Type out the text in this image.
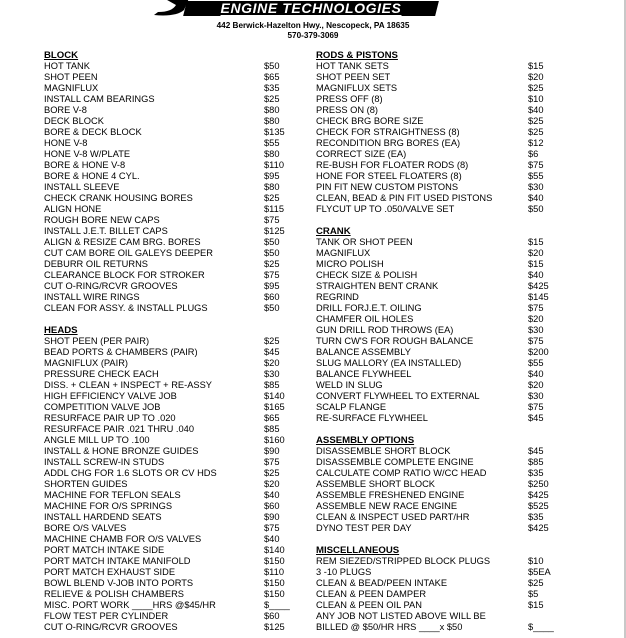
ENGINE TECHNOLOGIES
442 Berwick-Hazelton Hwy., Nescopeck, PA 18635
570-379-3069
BLOCK
HOT TANK	$50
SHOT PEEN	$65
MAGNIFLUX	$35
INSTALL CAM BEARINGS	$25
BORE V-8	$80
DECK BLOCK	$80
BORE & DECK BLOCK	$135
HONE V-8	$55
HONE V-8 W/PLATE	$80
BORE & HONE V-8	$110
BORE & HONE 4 CYL.	$95
INSTALL SLEEVE	$80
CHECK CRANK HOUSING BORES	$25
ALIGN HONE	$115
ROUGH BORE NEW CAPS	$75
INSTALL J.E.T. BILLET CAPS	$125
ALIGN & RESIZE CAM BRG. BORES	$50
CUT CAM BORE OIL GALEYS DEEPER	$50
DEBURR OIL RETURNS	$25
CLEARANCE BLOCK FOR STROKER	$75
CUT O-RING/RCVR GROOVES	$95
INSTALL WIRE RINGS	$60
CLEAN FOR ASSY. & INSTALL PLUGS	$50
HEADS
SHOT PEEN (PER PAIR)	$25
BEAD PORTS & CHAMBERS (PAIR)	$45
MAGNIFLUX (PAIR)	$20
PRESSURE CHECK EACH	$30
DISS. + CLEAN + INSPECT + RE-ASSY	$85
HIGH EFFICIENCY VALVE JOB	$140
COMPETITION VALVE JOB	$165
RESURFACE PAIR UP TO .020	$65
RESURFACE PAIR .021 THRU .040	$85
ANGLE MILL UP TO .100	$160
INSTALL & HONE BRONZE GUIDES	$90
INSTALL SCREW-IN STUDS	$75
ADDL CHG FOR 1.6 SLOTS OR CV HDS	$25
SHORTEN GUIDES	$20
MACHINE FOR TEFLON SEALS	$40
MACHINE FOR O/S SPRINGS	$60
INSTALL HARDEND SEATS	$90
BORE O/S VALVES	$75
MACHINE CHAMB FOR O/S VALVES	$40
PORT MATCH INTAKE SIDE	$140
PORT MATCH INTAKE MANIFOLD	$150
PORT MATCH EXHAUST SIDE	$110
BOWL BLEND V-JOB INTO PORTS	$150
RELIEVE & POLISH CHAMBERS	$150
MISC. PORT WORK ____HRS @$45/HR	$____
FLOW TEST PER CYLINDER	$60
CUT O-RING/RCVR GROOVES	$125
RODS & PISTONS
HOT TANK SETS	$15
SHOT PEEN SET	$20
MAGNIFLUX SETS	$25
PRESS OFF (8)	$10
PRESS ON (8)	$40
CHECK BRG BORE SIZE	$25
CHECK FOR STRAIGHTNESS (8)	$25
RECONDITION BRG BORES (EA)	$12
CORRECT SIZE (EA)	$6
RE-BUSH FOR FLOATER RODS (8)	$75
HONE FOR STEEL FLOATERS (8)	$55
PIN FIT NEW CUSTOM PISTONS	$30
CLEAN, BEAD & PIN FIT USED PISTONS	$40
FLYCUT UP TO .050/VALVE SET	$50
CRANK
TANK OR SHOT PEEN	$15
MAGNIFLUX	$20
MICRO POLISH	$15
CHECK SIZE & POLISH	$40
STRAIGHTEN BENT CRANK	$425
REGRIND	$145
DRILL FORJ.E.T. OILING	$75
CHAMFER OIL HOLES	$20
GUN DRILL ROD THROWS (EA)	$30
TURN CW'S FOR ROUGH BALANCE	$75
BALANCE ASSEMBLY	$200
SLUG MALLORY (EA INSTALLED)	$55
BALANCE FLYWHEEL	$40
WELD IN SLUG	$20
CONVERT FLYWHEEL TO EXTERNAL	$30
SCALP FLANGE	$75
RE-SURFACE FLYWHEEL	$45
ASSEMBLY OPTIONS
DISASSEMBLE SHORT BLOCK	$45
DISASSEMBLE COMPLETE ENGINE	$85
CALCULATE COMP RATIO W/CC HEAD	$35
ASSEMBLE SHORT BLOCK	$250
ASSEMBLE FRESHENED ENGINE	$425
ASSEMBLE NEW RACE ENGINE	$525
CLEAN & INSPECT USED PART/HR	$35
DYNO TEST PER DAY	$425
MISCELLANEOUS
REM SIEZED/STRIPPED BLOCK PLUGS	$10
3 -10 PLUGS	$5EA
CLEAN & BEAD/PEEN INTAKE	$25
CLEAN & PEEN DAMPER	$5
CLEAN & PEEN OIL PAN	$15
ANY JOB NOT LISTED ABOVE WILL BE
BILLED @ $50/HR HRS ____x $50	$____
